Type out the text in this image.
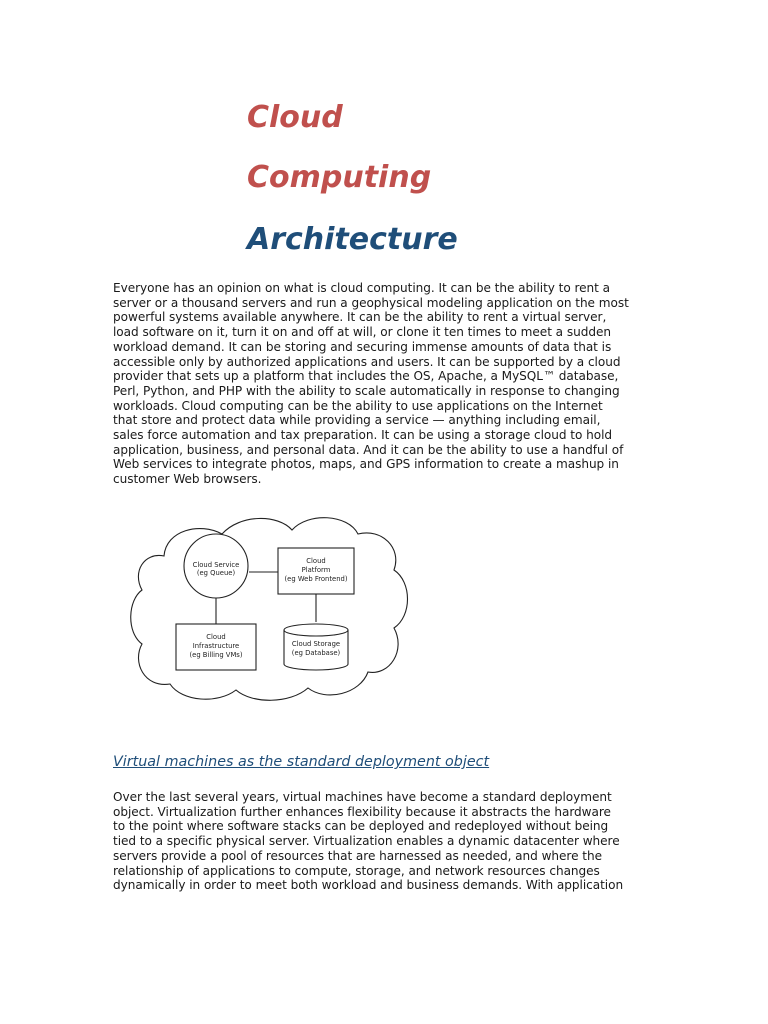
Cloud

Computing

Architecture

Everyone has an opinion on what is cloud computing. It can be the ability to rent a
server or a thousand servers and run a geophysical modeling application on the most
powerful systems available anywhere. It can be the ability to rent a virtual server,
load software on it, turn it on and off at will, or clone it ten times to meet a sudden
workload demand. It can be storing and securing immense amounts of data that is
accessible only by authorized applications and users. It can be supported by a cloud
provider that sets up a platform that includes the OS, Apache, a MySQL™ database,
Perl, Python, and PHP with the ability to scale automatically in response to changing
workloads. Cloud computing can be the ability to use applications on the Internet
that store and protect data while providing a service — anything including email,
sales force automation and tax preparation. It can be using a storage cloud to hold
application, business, and personal data. And it can be the ability to use a handful of
Web services to integrate photos, maps, and GPS information to create a mashup in
customer Web browsers.
Cloud Service
(eg Queue)
Cloud
Platform
(eg Web Frontend)
Cloud
Infrastructure
(eg Billing VMs)
Cloud Storage
(eg Database)

Virtual machines as the standard deployment object

Over the last several years, virtual machines have become a standard deployment
object. Virtualization further enhances flexibility because it abstracts the hardware
to the point where software stacks can be deployed and redeployed without being
tied to a specific physical server. Virtualization enables a dynamic datacenter where
servers provide a pool of resources that are harnessed as needed, and where the
relationship of applications to compute, storage, and network resources changes
dynamically in order to meet both workload and business demands. With application
